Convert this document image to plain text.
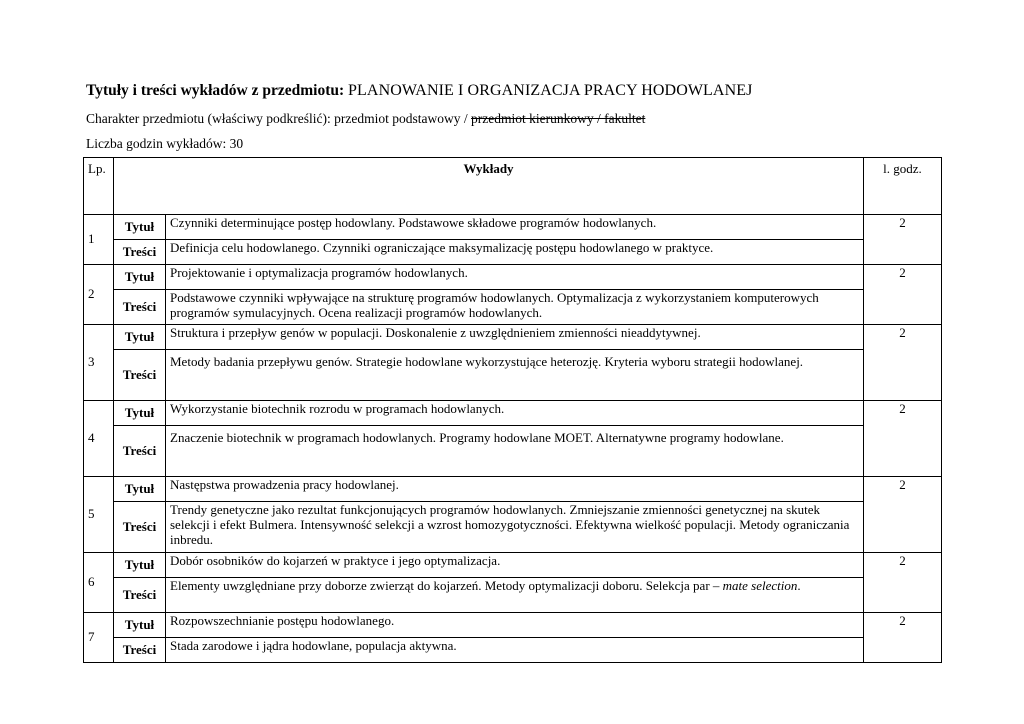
Tytuły i treści wykładów z przedmiotu: PLANOWANIE I ORGANIZACJA PRACY HODOWLANEJ
Charakter przedmiotu (właściwy podkreślić): przedmiot podstawowy / przedmiot kierunkowy / fakultet
Liczba godzin wykładów: 30
Lp.	Wykłady		l. godz.
1	Tytuł	Czynniki determinujące postęp hodowlany. Podstawowe składowe programów hodowlanych.	2
	Treści	Definicja celu hodowlanego. Czynniki ograniczające maksymalizację postępu hodowlanego w praktyce.	
2	Tytuł	Projektowanie i optymalizacja programów hodowlanych.	2
	Treści	Podstawowe czynniki wpływające na strukturę programów hodowlanych. Optymalizacja z wykorzystaniem komputerowych programów symulacyjnych. Ocena realizacji programów hodowlanych.	
3	Tytuł	Struktura i przepływ genów w populacji. Doskonalenie z uwzględnieniem zmienności nieaddytywnej.	2
	Treści	Metody badania przepływu genów. Strategie hodowlane wykorzystujące heterozję. Kryteria wyboru strategii hodowlanej.	
4	Tytuł	Wykorzystanie biotechnik rozrodu w programach hodowlanych.	2
	Treści	Znaczenie biotechnik w programach hodowlanych. Programy hodowlane MOET. Alternatywne programy hodowlane.	
5	Tytuł	Następstwa prowadzenia pracy hodowlanej.	2
	Treści	Trendy genetyczne jako rezultat funkcjonujących programów hodowlanych. Zmniejszanie zmienności genetycznej na skutek selekcji i efekt Bulmera. Intensywność selekcji a wzrost homozygotyczności. Efektywna wielkość populacji. Metody ograniczania inbredu.	
6	Tytuł	Dobór osobników do kojarzeń w praktyce i jego optymalizacja.	2
	Treści	Elementy uwzględniane przy doborze zwierząt do kojarzeń. Metody optymalizacji doboru. Selekcja par – mate selection.	
7	Tytuł	Rozpowszechnianie postępu hodowlanego.	2
	Treści	Stada zarodowe i jądra hodowlane, populacja aktywna.	
